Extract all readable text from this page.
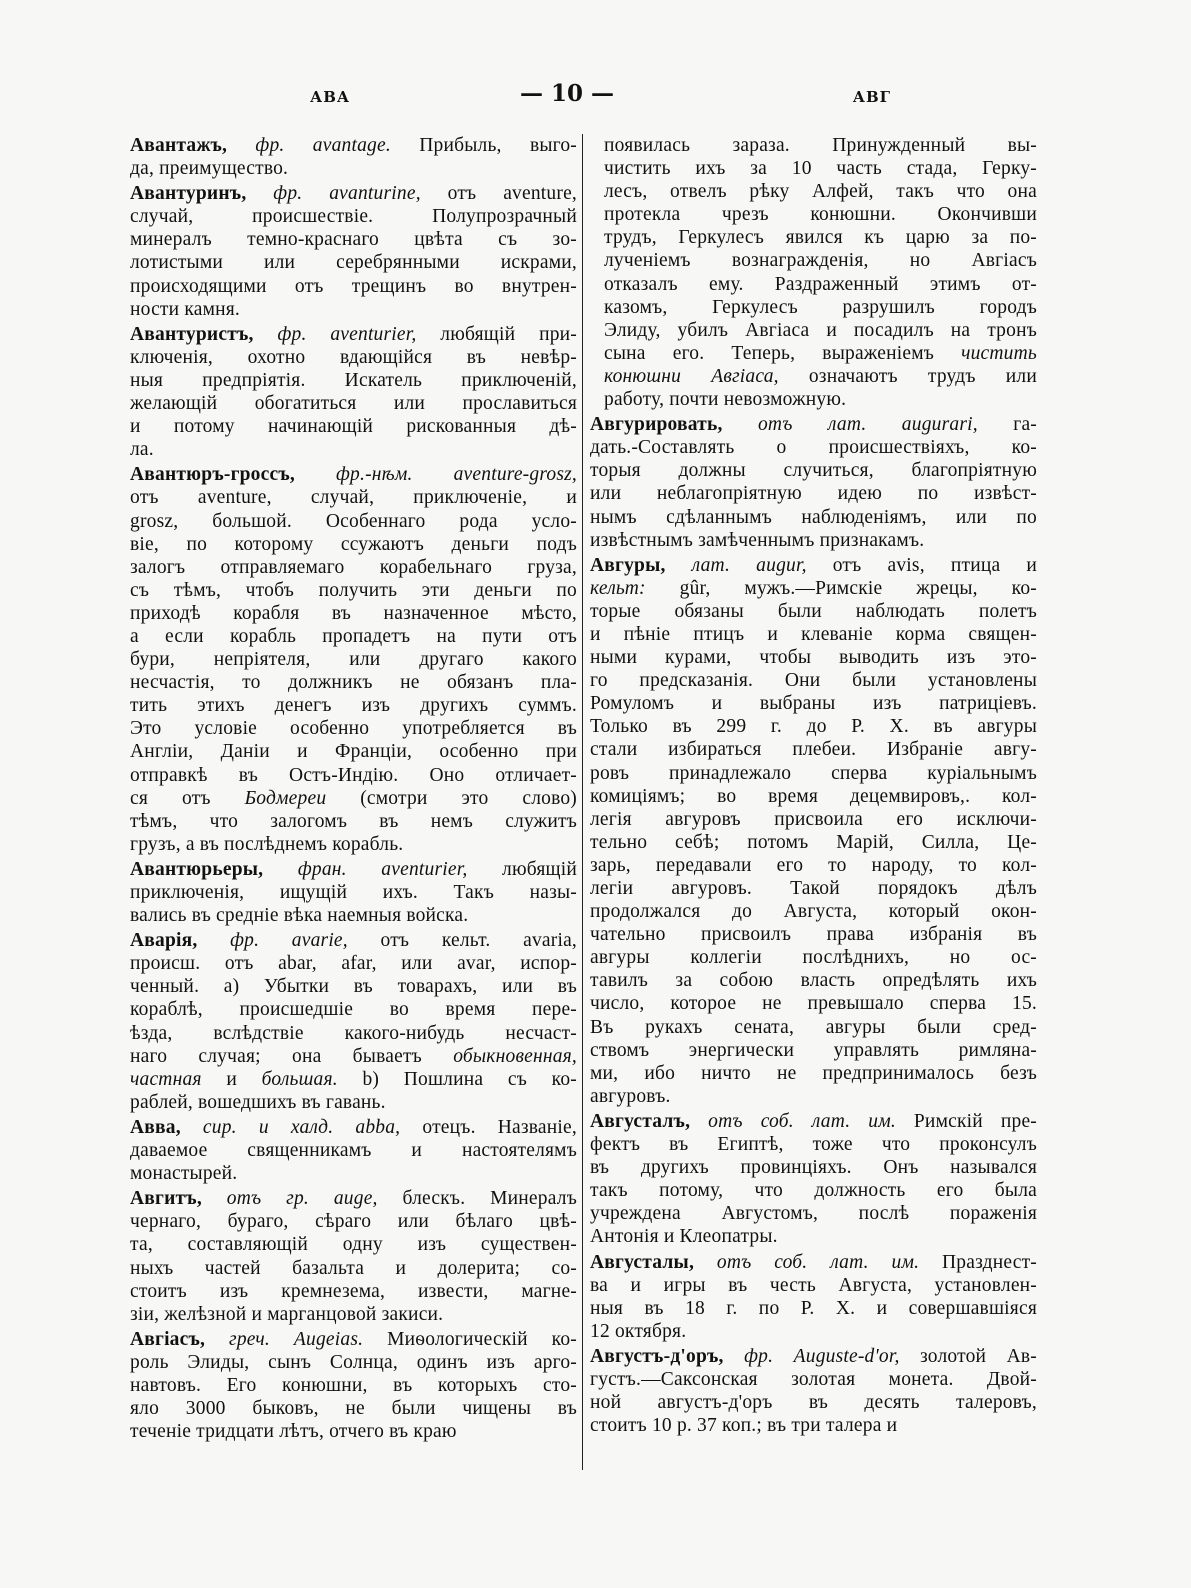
АВА	— 10 —	АВГ
Авантажъ, фр. avantage. Прибыль, выго-
да, преимущество.
Авантуринъ, фр. avanturine, отъ aventure,
случай, происшествіе. Полупрозрачный
минералъ темно-краснаго цвѣта съ зо-
лотистыми или серебрянными искрами,
происходящими отъ трещинъ во внутрен-
ности камня.
Авантуристъ, фр. aventurier, любящій при-
ключенія, охотно вдающійся въ невѣр-
ныя предпріятія. Искатель приключеній,
желающій обогатиться или прославиться
и потому начинающій рискованныя дѣ-
ла.
Авантюръ-гроссъ, фр.-нѣм. aventure-grosz,
отъ aventure, случай, приключеніе, и
grosz, большой. Особеннаго рода усло-
віе, по которому ссужаютъ деньги подъ
залогъ отправляемаго корабельнаго груза,
съ тѣмъ, чтобъ получить эти деньги по
приходѣ корабля въ назначенное мѣсто,
а если корабль пропадетъ на пути отъ
бури, непріятеля, или другаго какого
несчастія, то должникъ не обязанъ пла-
тить этихъ денегъ изъ другихъ суммъ.
Это условіе особенно употребляется въ
Англіи, Даніи и Франціи, особенно при
отправкѣ въ Остъ-Индію. Оно отличает-
ся отъ Бодмереи (смотри это слово)
тѣмъ, что залогомъ въ немъ служитъ
грузъ, а въ послѣднемъ корабль.
Авантюрьеры, фран. aventurier, любящій
приключенія, ищущій ихъ. Такъ назы-
вались въ средніе вѣка наемныя войска.
Аварія, фр. avarie, отъ кельт. avaria,
происш. отъ abar, afar, или avar, испор-
ченный. а) Убытки въ товарахъ, или въ
кораблѣ, происшедшіе во время пере-
ѣзда, вслѣдствіе какого-нибудь несчаст-
наго случая; она бываетъ обыкновенная,
частная и большая. b) Пошлина съ ко-
раблей, вошедшихъ въ гавань.
Авва, сир. и халд. abba, отецъ. Названіе,
даваемое священникамъ и настоятелямъ
монастырей.
Авгитъ, отъ гр. auge, блескъ. Минералъ
чернаго, бураго, сѣраго или бѣлаго цвѣ-
та, составляющій одну изъ существен-
ныхъ частей базальта и долерита; со-
стоитъ изъ кремнезема, извести, магне-
зіи, желѣзной и марганцовой закиси.
Авгіасъ, греч. Augeias. Миѳологическій ко-
роль Элиды, сынъ Солнца, одинъ изъ арго-
навтовъ. Его конюшни, въ которыхъ сто-
яло 3000 быковъ, не были чищены въ
теченіе тридцати лѣтъ, отчего въ краю
появилась зараза. Принужденный вы-
чистить ихъ за 10 часть стада, Герку-
лесъ, отвелъ рѣку Алфей, такъ что она
протекла чрезъ конюшни. Окончивши
трудъ, Геркулесъ явился къ царю за по-
лученіемъ вознагражденія, но Авгіасъ
отказалъ ему. Раздраженный этимъ от-
казомъ, Геркулесъ разрушилъ городъ
Элиду, убилъ Авгіаса и посадилъ на тронъ
сына его. Теперь, выраженіемъ чистить
конюшни Авгіаса, означаютъ трудъ или
работу, почти невозможную.
Авгурировать, отъ лат. augurari, га-
дать.-Составлять о происшествіяхъ, ко-
торыя должны случиться, благопріятную
или неблагопріятную идею по извѣст-
нымъ сдѣланнымъ наблюденіямъ, или по
извѣстнымъ замѣченнымъ признакамъ.
Авгуры, лат. augur, отъ avis, птица и
кельт: gûr, мужъ.—Римскіе жрецы, ко-
торые обязаны были наблюдать полетъ
и пѣніе птицъ и клеваніе корма священ-
ными курами, чтобы выводить изъ это-
го предсказанія. Они были установлены
Ромуломъ и выбраны изъ патриціевъ.
Только въ 299 г. до Р. Х. въ авгуры
стали избираться плебеи. Избраніе авгу-
ровъ принадлежало сперва куріальнымъ
комиціямъ; во время децемвировъ,. кол-
легія авгуровъ присвоила его исключи-
тельно себѣ; потомъ Марій, Силла, Це-
зарь, передавали его то народу, то кол-
легіи авгуровъ. Такой порядокъ дѣлъ
продолжался до Августа, который окон-
чательно присвоилъ права избранія въ
авгуры коллегіи послѣднихъ, но ос-
тавилъ за собою власть опредѣлять ихъ
число, которое не превышало сперва 15.
Въ рукахъ сената, авгуры были сред-
ствомъ энергически управлять римляна-
ми, ибо ничто не предпринималось безъ
авгуровъ.
Августалъ, отъ соб. лат. им. Римскій пре-
фектъ въ Египтѣ, тоже что проконсулъ
въ другихъ провинціяхъ. Онъ назывался
такъ потому, что должность его была
учреждена Августомъ, послѣ пораженія
Антонія и Клеопатры.
Августалы, отъ соб. лат. им. Празднест-
ва и игры въ честь Августа, установлен-
ныя въ 18 г. по Р. Х. и совершавшіяся
12 октября.
Августъ-д'оръ, фр. Auguste-d'or, золотой Ав-
густъ.—Саксонская золотая монета. Двой-
ной августъ-д'оръ въ десять талеровъ,
стоитъ 10 р. 37 коп.; въ три талера и
